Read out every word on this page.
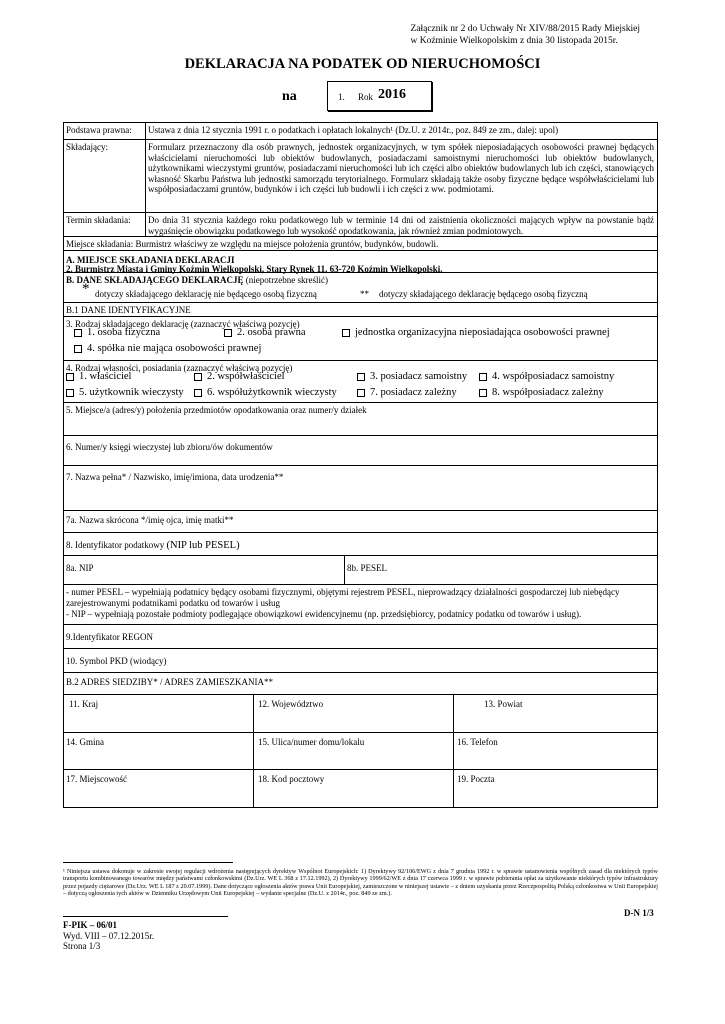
Załącznik nr 2 do Uchwały Nr XIV/88/2015 Rady Miejskiej
w Koźminie Wielkopolskim z dnia 30 listopada 2015r.
DEKLARACJA NA PODATEK OD NIERUCHOMOŚCI
na	1. Rok 2016
Podstawa prawna: Ustawa z dnia 12 stycznia 1991 r. o podatkach i opłatach lokalnych¹ (Dz.U. z 2014r., poz. 849 ze zm., dalej: upol)
Składający:	Formularz przeznaczony dla osób prawnych, jednostek organizacyjnych, w tym spółek nieposiadających osobowości prawnej będących właścicielami nieruchomości lub obiektów budowlanych, posiadaczami samoistnymi nieruchomości lub obiektów budowlanych, użytkownikami wieczystymi gruntów, posiadaczami nieruchomości lub ich części albo obiektów budowlanych lub ich części, stanowiących własność Skarbu Państwa lub jednostki samorządu terytorialnego. Formularz składają także osoby fizyczne będące współwłaścicielami lub współposiadaczami gruntów, budynków i ich części lub budowli i ich części z ww. podmiotami.
Termin składania: Do dnia 31 stycznia każdego roku podatkowego lub w terminie 14 dni od zaistnienia okoliczności mających wpływ na powstanie bądź wygaśnięcie obowiązku podatkowego lub wysokość opodatkowania, jak również zmian podmiotowych.
Miejsce składania: Burmistrz właściwy ze względu na miejsce położenia gruntów, budynków, budowli.
A. MIEJSCE SKŁADANIA DEKLARACJI
2. Burmistrz Miasta i Gminy Koźmin Wielkopolski, Stary Rynek 11, 63-720 Koźmin Wielkopolski.
B. DANE SKŁADAJĄCEGO DEKLARACJĘ (niepotrzebne skreślić)
* dotyczy składającego deklarację nie będącego osobą fizyczną	** dotyczy składającego deklarację będącego osobą fizyczną
B.1 DANE IDENTYFIKACYJNE
3. Rodzaj składającego deklarację (zaznaczyć właściwą pozycję)
1. osoba fizyczna	2. osoba prawna	jednostka organizacyjna nieposiadająca osobowości prawnej
4. spółka nie mająca osobowości prawnej
4. Rodzaj własności, posiadania (zaznaczyć właściwą pozycję)
1. właściciel	2. współwłaściciel	3. posiadacz samoistny	4. współposiadacz samoistny
5. użytkownik wieczysty	6. współużytkownik wieczysty	7. posiadacz zależny	8. współposiadacz zależny
5. Miejsce/a (adres/y) położenia przedmiotów opodatkowania oraz numer/y działek
6. Numer/y księgi wieczystej lub zbioru/ów dokumentów
7. Nazwa pełna* / Nazwisko, imię/imiona, data urodzenia**
7a. Nazwa skrócona */imię ojca, imię matki**
8. Identyfikator podatkowy (NIP lub PESEL)
8a. NIP	8b. PESEL
- numer PESEL – wypełniają podatnicy będący osobami fizycznymi, objętymi rejestrem PESEL, nieprowadzący działalności gospodarczej lub niebędący zarejestrowanymi podatnikami podatku od towarów i usług
- NIP – wypełniają pozostałe podmioty podlegające obowiązkowi ewidencyjnemu (np. przedsiębiorcy, podatnicy podatku od towarów i usług).
9.Identyfikator REGON
10. Symbol PKD (wiodący)
B.2 ADRES SIEDZIBY* / ADRES ZAMIESZKANIA**
11. Kraj	12. Województwo	13. Powiat
14. Gmina	15. Ulica/numer domu/lokalu	16. Telefon
17. Miejscowość	18. Kod pocztowy	19. Poczta
¹ Niniejsza ustawa dokonuje w zakresie swojej regulacji wdrożenia następujących dyrektyw Wspólnot Europejskich: 1) Dyrektywy 92/106/EWG z dnia 7 grudnia 1992 r. w sprawie ustanowienia wspólnych zasad dla niektórych typów transportu kombinowanego towarów między państwami członkowskimi (Dz.Urz. WE L 368 z 17.12.1992), 2) Dyrektywy 1999/62/WE z dnia 17 czerwca 1999 r. w sprawie pobierania opłat za użytkowanie niektórych typów infrastruktury przez pojazdy ciężarowe (Dz.Urz. WE L 187 z 20.07.1999). Dane dotyczące ogłoszenia aktów prawa Unii Europejskiej, zamieszczone w niniejszej ustawie – z dniem uzyskania przez Rzeczpospolitą Polską członkostwa w Unii Europejskiej – dotyczą ogłoszenia tych aktów w Dzienniku Urzędowym Unii Europejskiej – wydanie specjalne (Dz.U. z 2014r., poz. 849 ze zm.).
D-N 1/3
F-PIK – 06/01
Wyd. VIII – 07.12.2015r.
Strona 1/3
